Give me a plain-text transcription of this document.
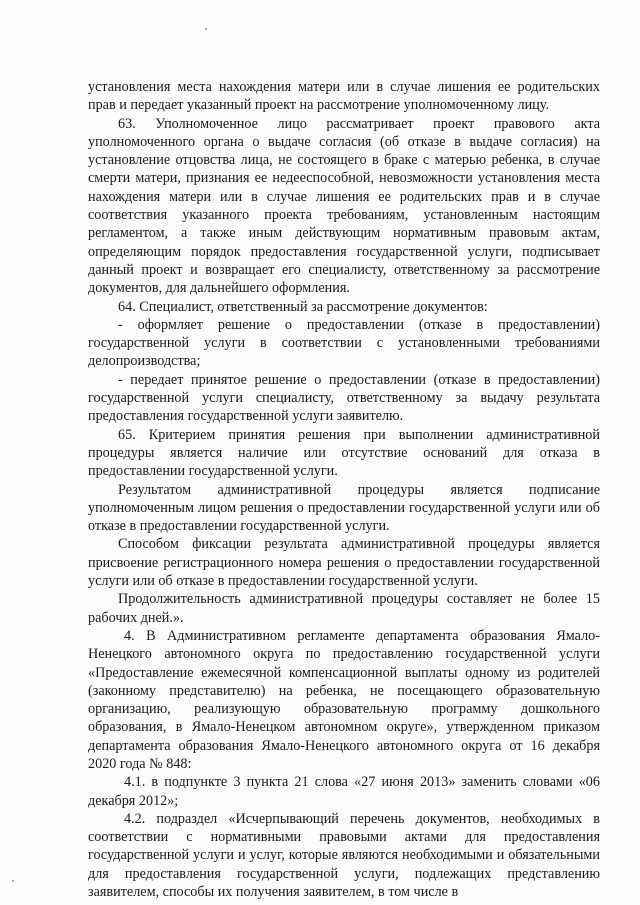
установления места нахождения матери или в случае лишения ее родительских прав и передает указанный проект на рассмотрение уполномоченному лицу.

63. Уполномоченное лицо рассматривает проект правового акта уполномоченного органа о выдаче согласия (об отказе в выдаче согласия) на установление отцовства лица, не состоящего в браке с матерью ребенка, в случае смерти матери, признания ее недееспособной, невозможности установления места нахождения матери или в случае лишения ее родительских прав и в случае соответствия указанного проекта требованиям, установленным настоящим регламентом, а также иным действующим нормативным правовым актам, определяющим порядок предоставления государственной услуги, подписывает данный проект и возвращает его специалисту, ответственному за рассмотрение документов, для дальнейшего оформления.

64. Специалист, ответственный за рассмотрение документов:

- оформляет решение о предоставлении (отказе в предоставлении) государственной услуги в соответствии с установленными требованиями делопроизводства;

- передает принятое решение о предоставлении (отказе в предоставлении) государственной услуги специалисту, ответственному за выдачу результата предоставления государственной услуги заявителю.

65. Критерием принятия решения при выполнении административной процедуры является наличие или отсутствие оснований для отказа в предоставлении государственной услуги.

Результатом административной процедуры является подписание уполномоченным лицом решения о предоставлении государственной услуги или об отказе в предоставлении государственной услуги.

Способом фиксации результата административной процедуры является присвоение регистрационного номера решения о предоставлении государственной услуги или об отказе в предоставлении государственной услуги.

Продолжительность административной процедуры составляет не более 15 рабочих дней.».

4. В Административном регламенте департамента образования Ямало-Ненецкого автономного округа по предоставлению государственной услуги «Предоставление ежемесячной компенсационной выплаты одному из родителей (законному представителю) на ребенка, не посещающего образовательную организацию, реализующую образовательную программу дошкольного образования, в Ямало-Ненецком автономном округе», утвержденном приказом департамента образования Ямало-Ненецкого автономного округа от 16 декабря 2020 года № 848:

4.1. в подпункте 3 пункта 21 слова «27 июня 2013» заменить словами «06 декабря 2012»;

4.2. подраздел «Исчерпывающий перечень документов, необходимых в соответствии с нормативными правовыми актами для предоставления государственной услуги и услуг, которые являются необходимыми и обязательными для предоставления государственной услуги, подлежащих представлению заявителем, способы их получения заявителем, в том числе в
